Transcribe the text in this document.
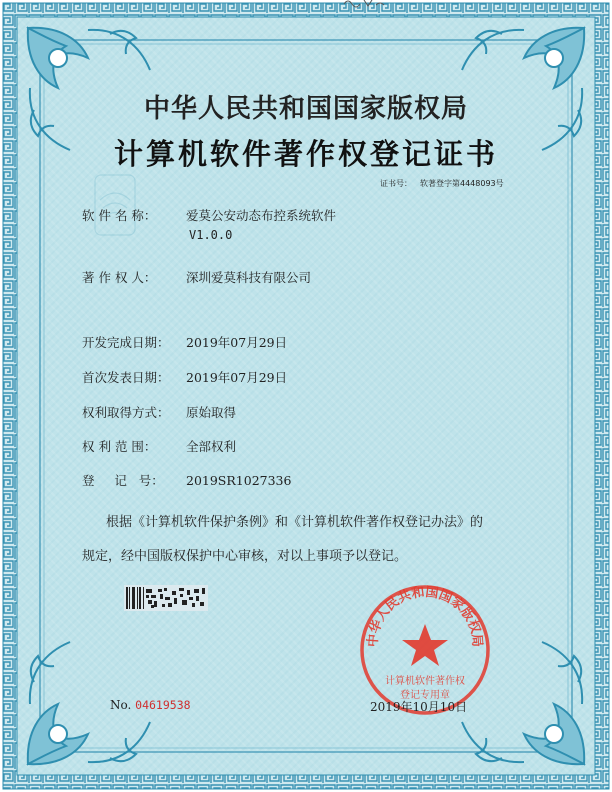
中华人民共和国国家版权局
计算机软件著作权登记证书
证书号： 软著登字第4448093号
软 件 名 称： 爱莫公安动态布控系统软件
V1.0.0
著 作 权 人： 深圳爱莫科技有限公司
开发完成日期： 2019年07月29日
首次发表日期： 2019年07月29日
权利取得方式： 原始取得
权 利 范 围： 全部权利
登     记   号： 2019SR1027336
根据《计算机软件保护条例》和《计算机软件著作权登记办法》的
规定，经中国版权保护中心审核，对以上事项予以登记。
中华人民共和国国家版权局
计算机软件著作权
登记专用章
No. 04619538	2019年10月10日
